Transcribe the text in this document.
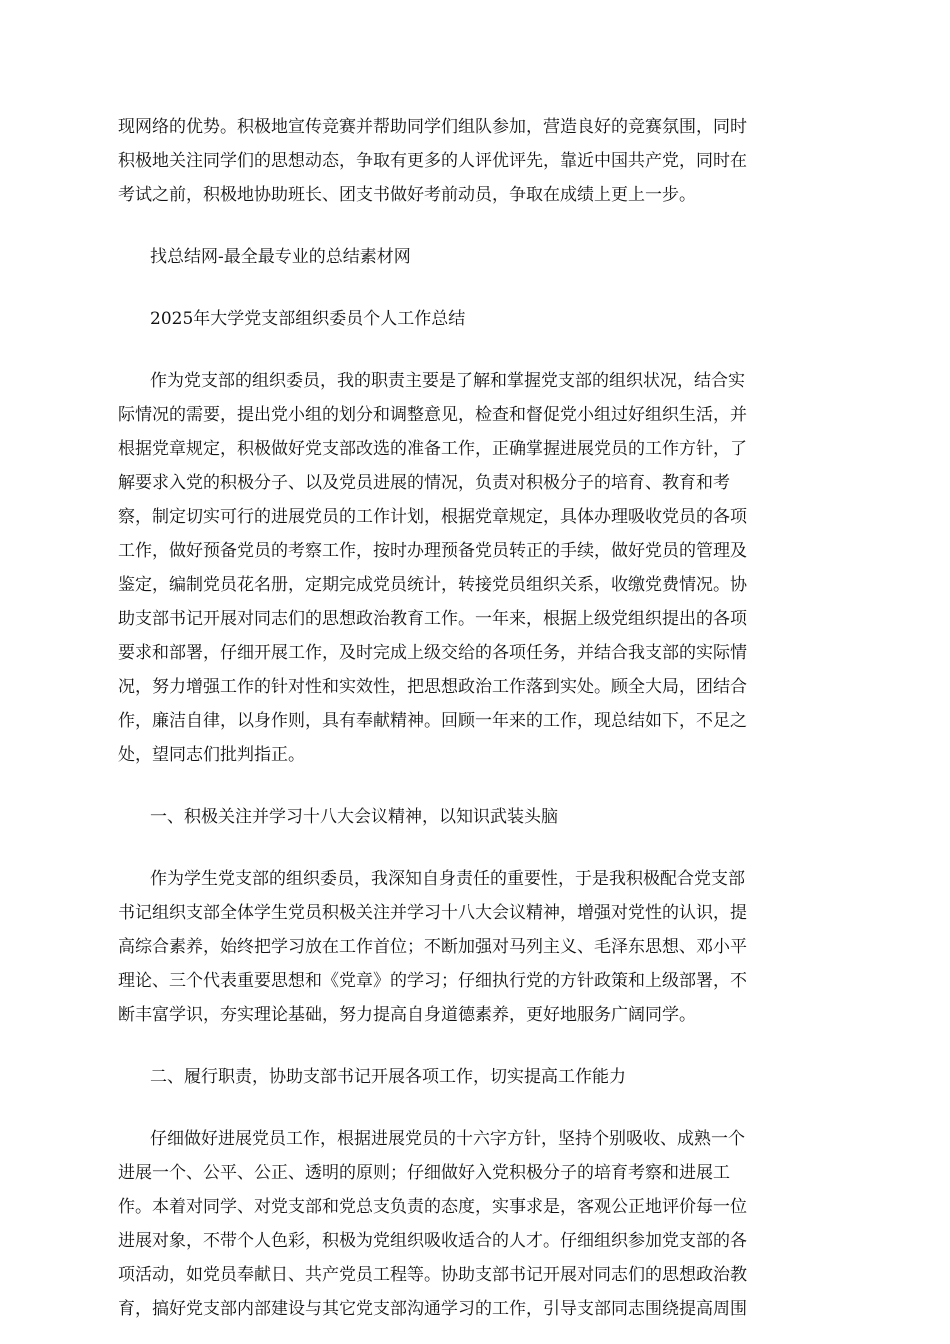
现网络的优势。积极地宣传竞赛并帮助同学们组队参加，营造良好的竞赛氛围，同时
积极地关注同学们的思想动态，争取有更多的人评优评先，靠近中国共产党，同时在
考试之前，积极地协助班长、团支书做好考前动员，争取在成绩上更上一步。
找总结网-最全最专业的总结素材网
2025年大学党支部组织委员个人工作总结
作为党支部的组织委员，我的职责主要是了解和掌握党支部的组织状况，结合实
际情况的需要，提出党小组的划分和调整意见，检查和督促党小组过好组织生活，并
根据党章规定，积极做好党支部改选的准备工作，正确掌握进展党员的工作方针，了
解要求入党的积极分子、以及党员进展的情况，负责对积极分子的培育、教育和考
察，制定切实可行的进展党员的工作计划，根据党章规定，具体办理吸收党员的各项
工作，做好预备党员的考察工作，按时办理预备党员转正的手续，做好党员的管理及
鉴定，编制党员花名册，定期完成党员统计，转接党员组织关系，收缴党费情况。协
助支部书记开展对同志们的思想政治教育工作。一年来，根据上级党组织提出的各项
要求和部署，仔细开展工作，及时完成上级交给的各项任务，并结合我支部的实际情
况，努力增强工作的针对性和实效性，把思想政治工作落到实处。顾全大局，团结合
作，廉洁自律，以身作则，具有奉献精神。回顾一年来的工作，现总结如下，不足之
处，望同志们批判指正。
一、积极关注并学习十八大会议精神，以知识武装头脑
作为学生党支部的组织委员，我深知自身责任的重要性，于是我积极配合党支部
书记组织支部全体学生党员积极关注并学习十八大会议精神，增强对党性的认识，提
高综合素养，始终把学习放在工作首位；不断加强对马列主义、毛泽东思想、邓小平
理论、三个代表重要思想和《党章》的学习；仔细执行党的方针政策和上级部署，不
断丰富学识，夯实理论基础，努力提高自身道德素养，更好地服务广阔同学。
二、履行职责，协助支部书记开展各项工作，切实提高工作能力
仔细做好进展党员工作，根据进展党员的十六字方针，坚持个别吸收、成熟一个
进展一个、公平、公正、透明的原则；仔细做好入党积极分子的培育考察和进展工
作。本着对同学、对党支部和党总支负责的态度，实事求是，客观公正地评价每一位
进展对象，不带个人色彩，积极为党组织吸收适合的人才。仔细组织参加党支部的各
项活动，如党员奉献日、共产党员工程等。协助支部书记开展对同志们的思想政治教
育，搞好党支部内部建设与其它党支部沟通学习的工作，引导支部同志围绕提高周围
